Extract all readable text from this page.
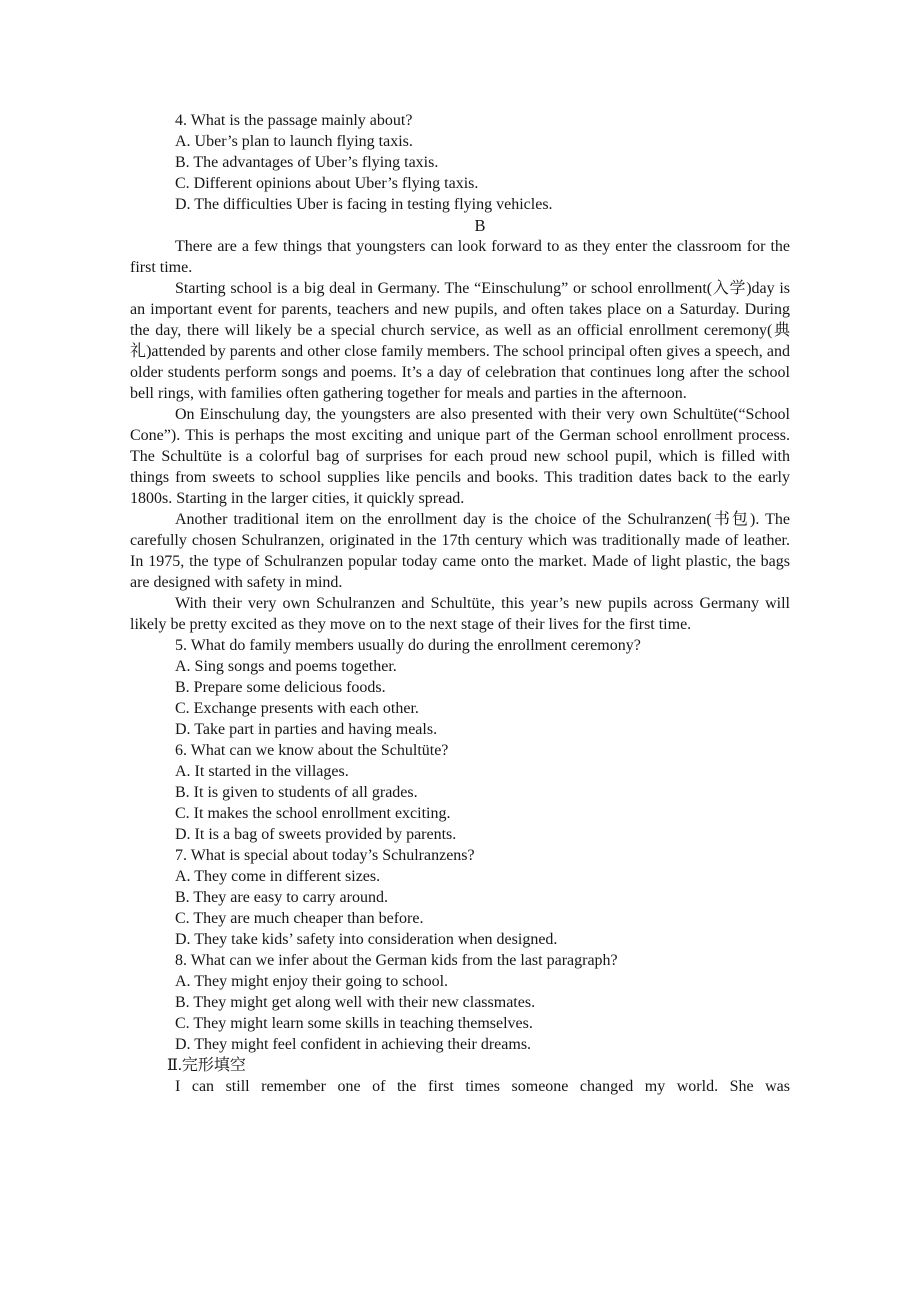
4. What is the passage mainly about?
A. Uber’s plan to launch flying taxis.
B. The advantages of Uber’s flying taxis.
C. Different opinions about Uber’s flying taxis.
D. The difficulties Uber is facing in testing flying vehicles.
B

There are a few things that youngsters can look forward to as they enter the classroom for the first time.

Starting school is a big deal in Germany. The “Einschulung” or school enrollment(入学)day is an important event for parents, teachers and new pupils, and often takes place on a Saturday. During the day, there will likely be a special church service, as well as an official enrollment ceremony(典礼)attended by parents and other close family members. The school principal often gives a speech, and older students perform songs and poems. It’s a day of celebration that continues long after the school bell rings, with families often gathering together for meals and parties in the afternoon.

On Einschulung day, the youngsters are also presented with their very own Schultüte(“School Cone”). This is perhaps the most exciting and unique part of the German school enrollment process. The Schultüte is a colorful bag of surprises for each proud new school pupil, which is filled with things from sweets to school supplies like pencils and books. This tradition dates back to the early 1800s. Starting in the larger cities, it quickly spread.

Another traditional item on the enrollment day is the choice of the Schulranzen(书包). The carefully chosen Schulranzen, originated in the 17th century which was traditionally made of leather. In 1975, the type of Schulranzen popular today came onto the market. Made of light plastic, the bags are designed with safety in mind.

With their very own Schulranzen and Schultüte, this year’s new pupils across Germany will likely be pretty excited as they move on to the next stage of their lives for the first time.

5. What do family members usually do during the enrollment ceremony?
A. Sing songs and poems together.
B. Prepare some delicious foods.
C. Exchange presents with each other.
D. Take part in parties and having meals.
6. What can we know about the Schultüte?
A. It started in the villages.
B. It is given to students of all grades.
C. It makes the school enrollment exciting.
D. It is a bag of sweets provided by parents.
7. What is special about today’s Schulranzens?
A. They come in different sizes.
B. They are easy to carry around.
C. They are much cheaper than before.
D. They take kids’ safety into consideration when designed.
8. What can we infer about the German kids from the last paragraph?
A. They might enjoy their going to school.
B. They might get along well with their new classmates.
C. They might learn some skills in teaching themselves.
D. They might feel confident in achieving their dreams.
Ⅱ.完形填空

I can still remember one of the first times someone changed my world. She was
